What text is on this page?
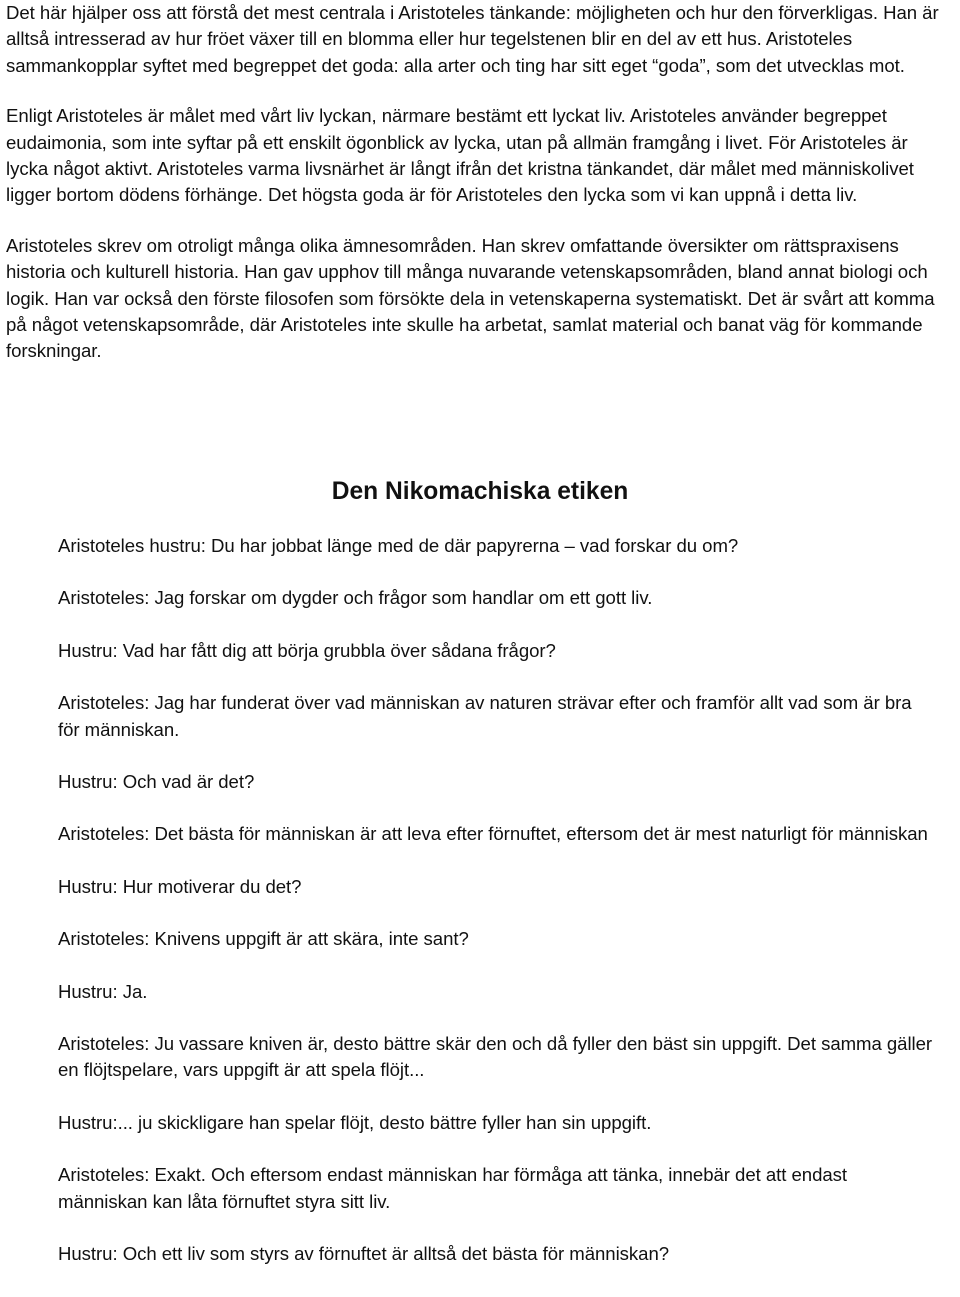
Det här hjälper oss att förstå det mest centrala i Aristoteles tänkande: möjligheten och hur den förverkligas. Han är alltså intresserad av hur fröet växer till en blomma eller hur tegelstenen blir en del av ett hus. Aristoteles sammankopplar syftet med begreppet det goda: alla arter och ting har sitt eget “goda”, som det utvecklas mot.

Enligt Aristoteles är målet med vårt liv lyckan, närmare bestämt ett lyckat liv. Aristoteles använder begreppet eudaimonia, som inte syftar på ett enskilt ögonblick av lycka, utan på allmän framgång i livet. För Aristoteles är lycka något aktivt. Aristoteles varma livsnärhet är långt ifrån det kristna tänkandet, där målet med människolivet ligger bortom dödens förhänge. Det högsta goda är för Aristoteles den lycka som vi kan uppnå i detta liv.

Aristoteles skrev om otroligt många olika ämnesområden. Han skrev omfattande översikter om rättspraxisens historia och kulturell historia. Han gav upphov till många nuvarande vetenskapsområden, bland annat biologi och logik. Han var också den förste filosofen som försökte dela in vetenskaperna systematiskt. Det är svårt att komma på något vetenskapsområde, där Aristoteles inte skulle ha arbetat, samlat material och banat väg för kommande forskningar.

Den Nikomachiska etiken

Aristoteles hustru: Du har jobbat länge med de där papyrerna – vad forskar du om?

Aristoteles: Jag forskar om dygder och frågor som handlar om ett gott liv.

Hustru: Vad har fått dig att börja grubbla över sådana frågor?

Aristoteles: Jag har funderat över vad människan av naturen strävar efter och framför allt vad som är bra för människan.

Hustru: Och vad är det?

Aristoteles: Det bästa för människan är att leva efter förnuftet, eftersom det är mest naturligt för människan

Hustru: Hur motiverar du det?

Aristoteles: Knivens uppgift är att skära, inte sant?

Hustru: Ja.

Aristoteles: Ju vassare kniven är, desto bättre skär den och då fyller den bäst sin uppgift. Det samma gäller en flöjtspelare, vars uppgift är att spela flöjt...

Hustru:... ju skickligare han spelar flöjt, desto bättre fyller han sin uppgift.

Aristoteles: Exakt. Och eftersom endast människan har förmåga att tänka, innebär det att endast människan kan låta förnuftet styra sitt liv.

Hustru: Och ett liv som styrs av förnuftet är alltså det bästa för människan?
